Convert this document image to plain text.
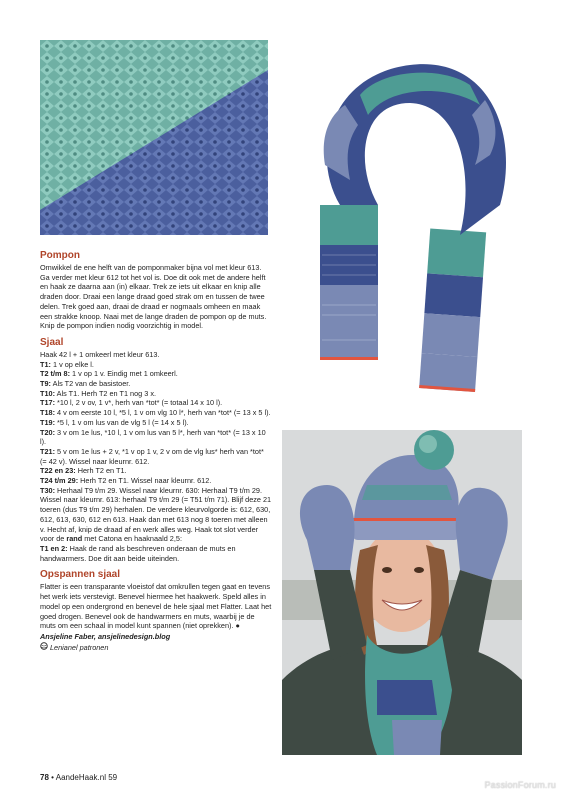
Pompon

Omwikkel de ene helft van de pomponmaker bijna vol met kleur 613. Ga verder met kleur 612 tot het vol is. Doe dit ook met de andere helft en haak ze daarna aan (in) elkaar. Trek ze iets uit elkaar en knip alle draden door. Draai een lange draad goed strak om en tussen de twee delen. Trek goed aan, draai de draad er nogmaals omheen en maak een strakke knoop. Naai met de lange draden de pompon op de muts. Knip de pompon indien nodig voorzichtig in model.

Sjaal
Haak 42 l + 1 omkeerl met kleur 613.
T1: 1 v op elke l.
T2 t/m 8: 1 v op 1 v. Eindig met 1 omkeerl.
T9: Als T2 van de basistoer.
T10: Als T1. Herh T2 en T1 nog 3 x.
T17: *10 l, 2 v ov, 1 v*, herh van *tot* (= totaal 14 x 10 l).
T18: 4 v om eerste 10 l, *5 l, 1 v om vlg 10 l*, herh van *tot* (= 13 x 5 l).
T19: *5 l, 1 v om lus van de vlg 5 l (= 14 x 5 l).
T20: 3 v om 1e lus, *10 l, 1 v om lus van 5 l*, herh van *tot* (= 13 x 10 l).
T21: 5 v om 1e lus + 2 v, *1 v op 1 v, 2 v om de vlg lus* herh van *tot* (= 42 v). Wissel naar kleurnr. 612.
T22 en 23: Herh T2 en T1.
T24 t/m 29: Herh T2 en T1. Wissel naar kleurnr. 612.
T30: Herhaal T9 t/m 29. Wissel naar kleurnr. 630: Herhaal T9 t/m 29. Wissel naar kleurnr. 613: herhaal T9 t/m 29 (= T51 t/m 71). Blijf deze 21 toeren (dus T9 t/m 29) herhalen. De verdere kleurvolgorde is: 612, 630, 612, 613, 630, 612 en 613. Haak dan met 613 nog 8 toeren met alleen v. Hecht af, knip de draad af en werk alles weg. Haak tot slot verder voor de rand met Catona en haaknaald 2,5:
T1 en 2: Haak de rand als beschreven onderaan de muts en handwarmers. Doe dit aan beide uiteinden.
Opspannen sjaal

Flatter is een transparante vloeistof dat omkrullen tegen gaat en tevens het werk iets verstevigt. Benevel hiermee het haakwerk. Speld alles in model op een ondergrond en benevel de hele sjaal met Flatter. Laat het goed drogen. Benevel ook de handwarmers en muts, waarbij je de muts om een schaal in model kunt spannen (niet oprekken). ●

Ansjeline Faber, ansjelinedesign.blog
Lenianel patronen
78 • AandeHaak.nl 59
PassionForum.ru
